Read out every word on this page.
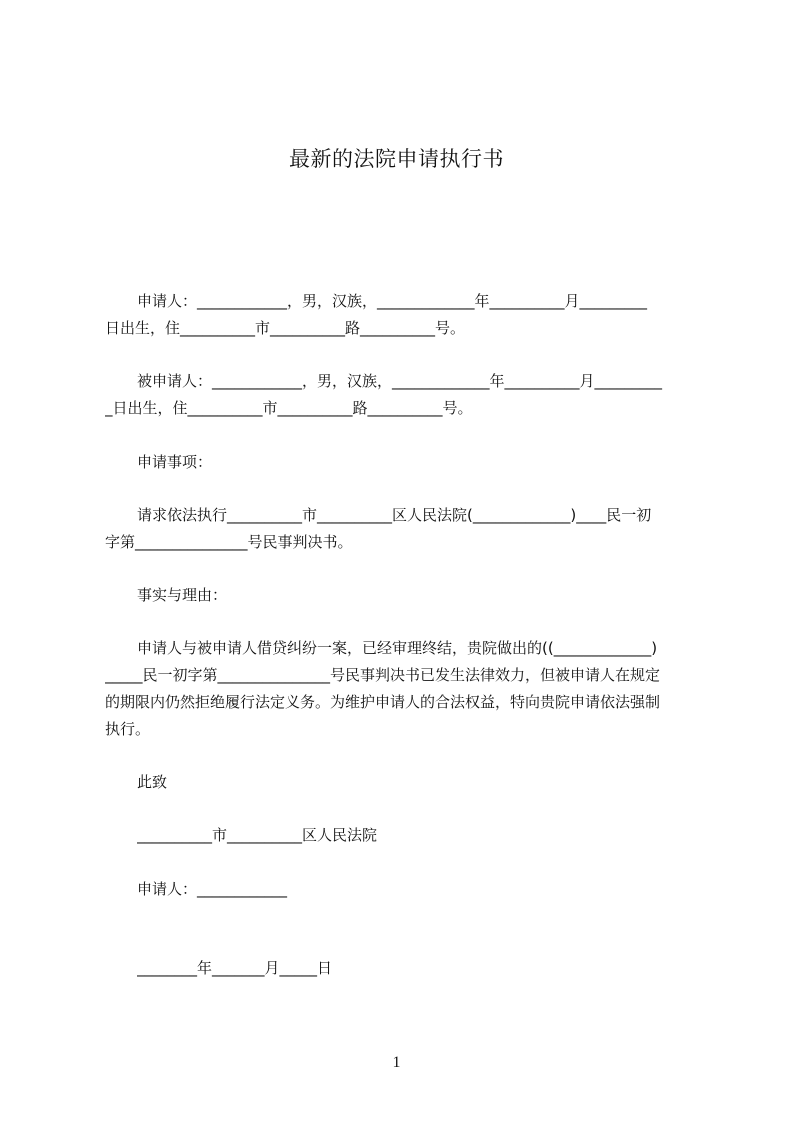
最新的法院申请执行书
申请人：____________，男，汉族，_____________年__________月_________
日出生，住__________市__________路__________号。
被申请人：____________，男，汉族，_____________年__________月_________
_日出生，住__________市__________路__________号。
申请事项：
请求依法执行__________市__________区人民法院(_____________)____民一初
字第_______________号民事判决书。
事实与理由：
申请人与被申请人借贷纠纷一案，已经审理终结，贵院做出的((_____________)
_____民一初字第_______________号民事判决书已发生法律效力，但被申请人在规定
的期限内仍然拒绝履行法定义务。为维护申请人的合法权益，特向贵院申请依法强制
执行。
此致
__________市__________区人民法院
申请人：____________
________年_______月_____日
1
